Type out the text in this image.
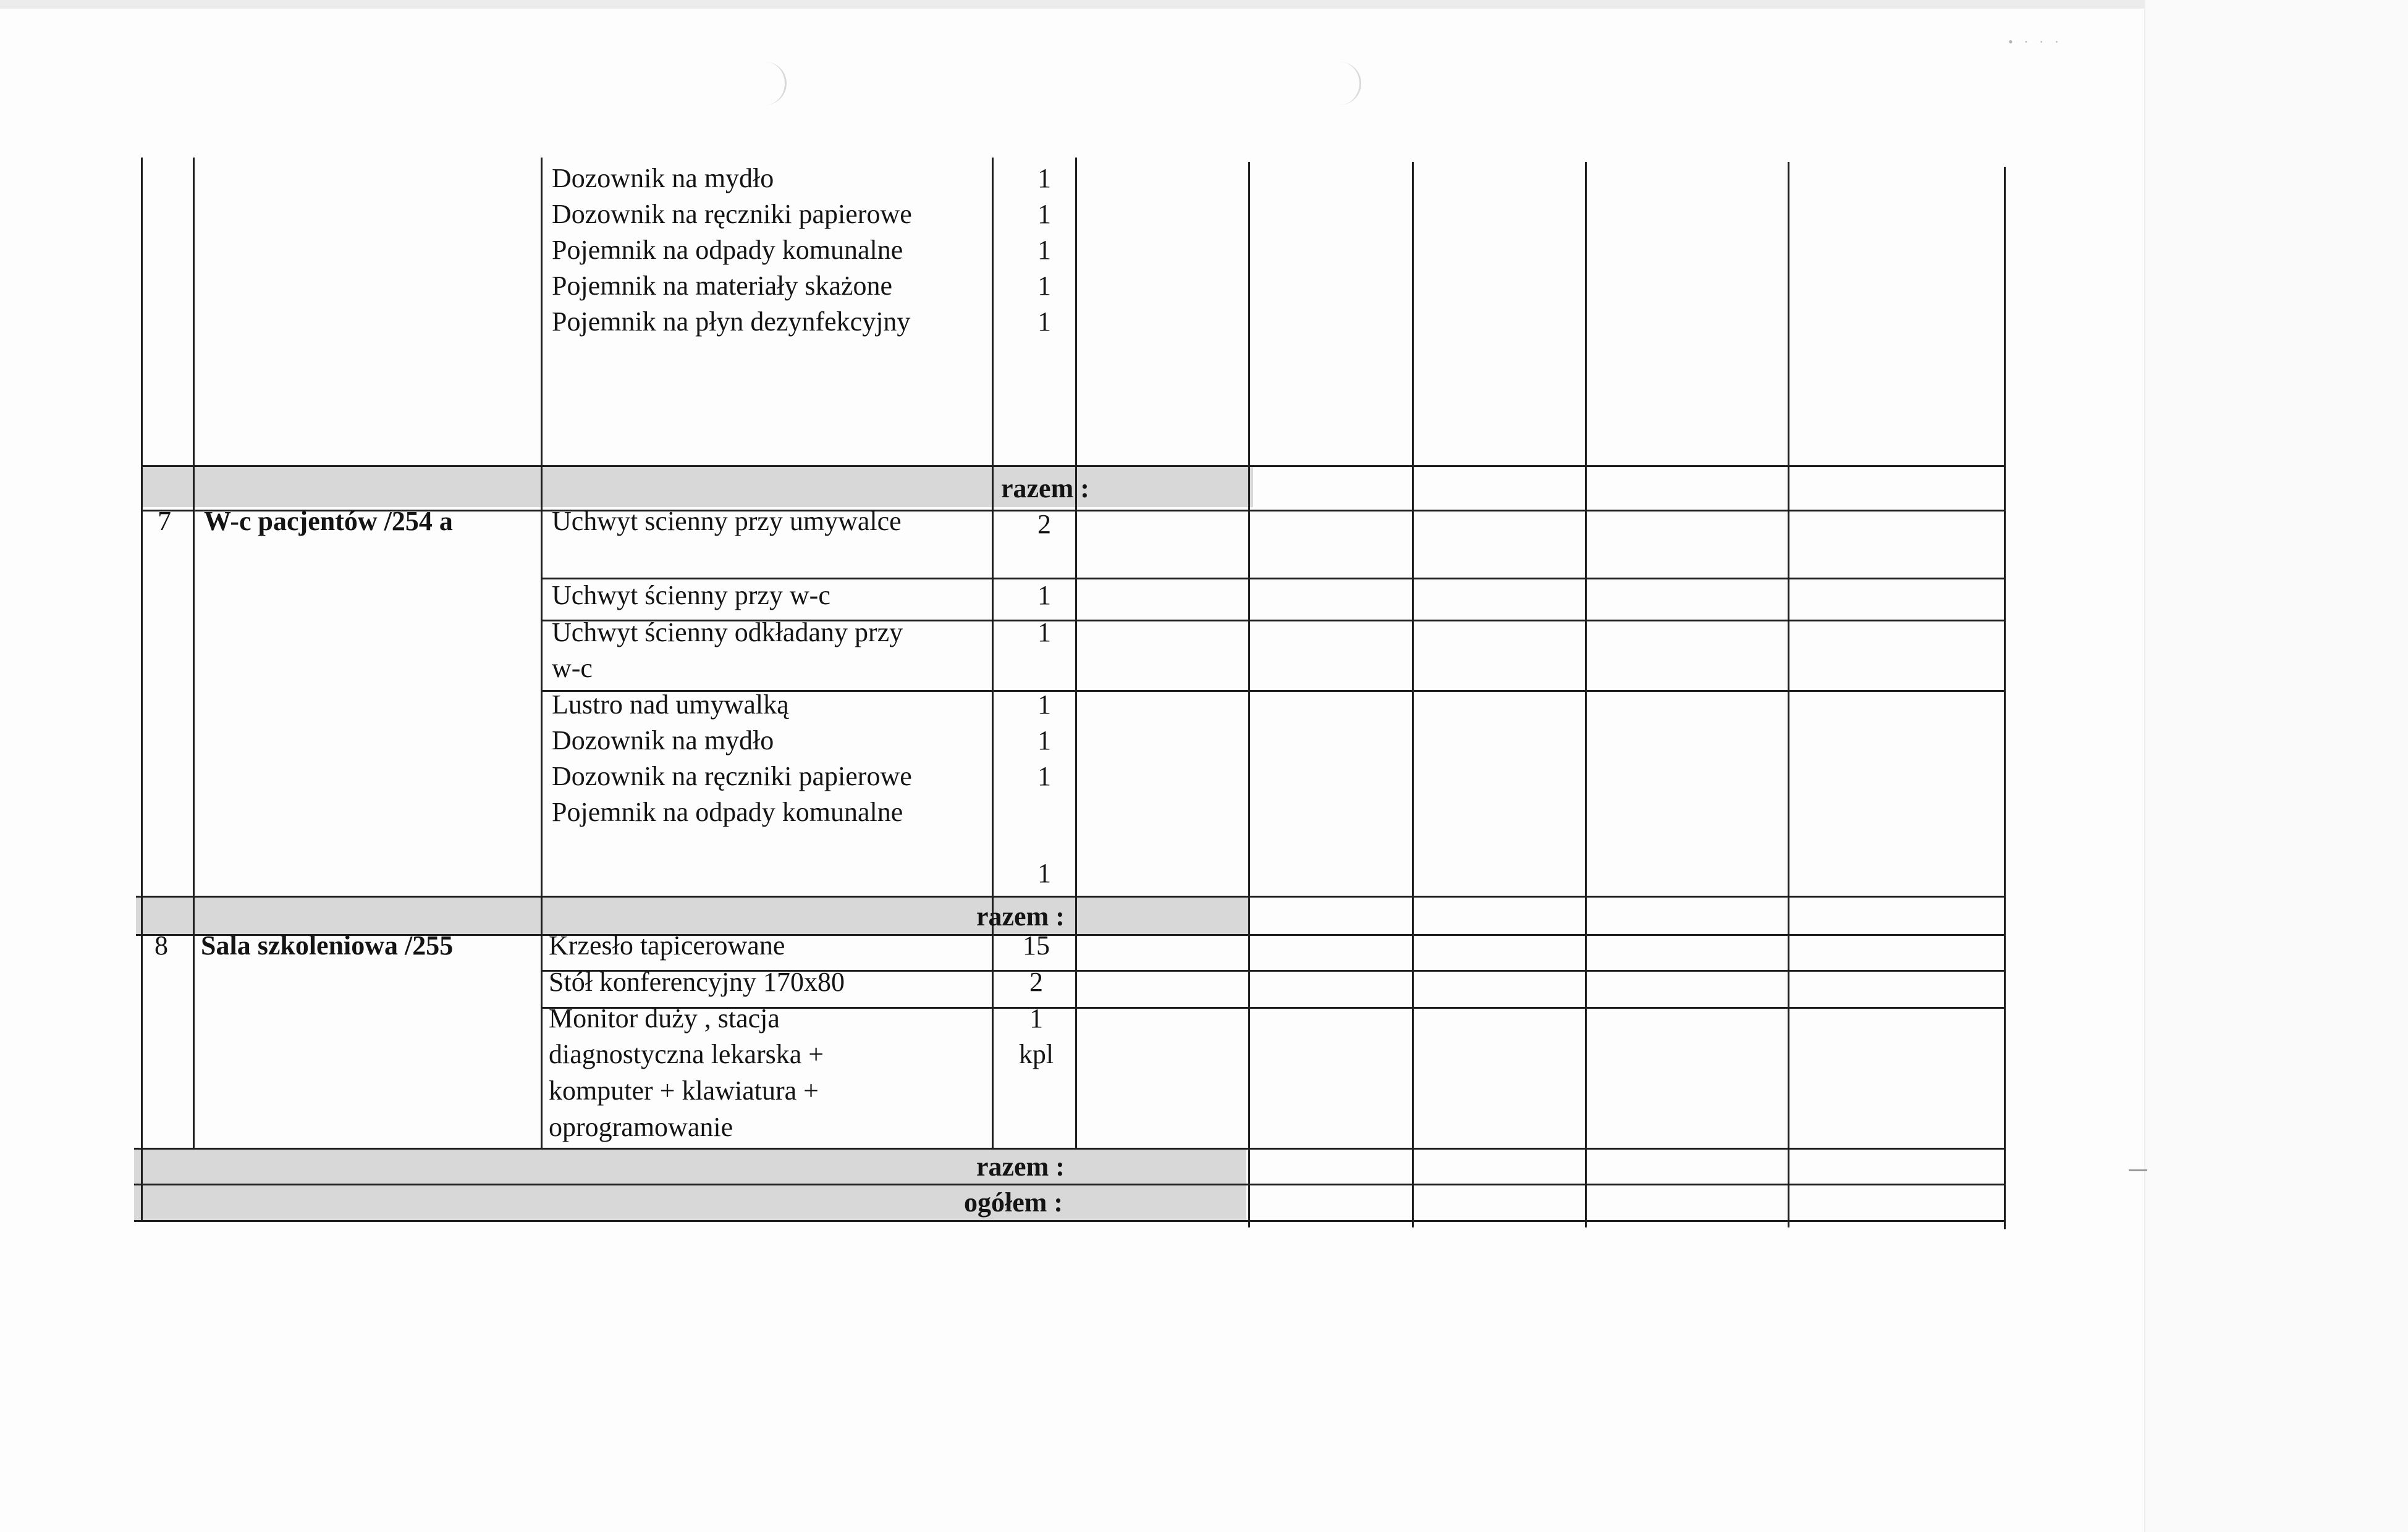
• · · ·
Dozownik na mydło
Dozownik na ręczniki papierowe
Pojemnik na odpady komunalne
Pojemnik na materiały skażone
Pojemnik na płyn dezynfekcyjny
1
1
1
1
1
razem :
7 W-c pacjentów /254 a	Uchwyt scienny przy umywalce
Uchwyt ścienny przy w-c
Uchwyt ścienny odkładany przy
w-c
Lustro nad umywalką
Dozownik na mydło
Dozownik na ręczniki papierowe
Pojemnik na odpady komunalne
2
1
1
1
1
1
1
razem :
8 Sala szkoleniowa /255	Krzesło tapicerowane
Stół konferencyjny 170x80
Monitor duży , stacja
diagnostyczna lekarska +
komputer + klawiatura +
oprogramowanie
15
2
1
kpl
razem :
ogółem :
